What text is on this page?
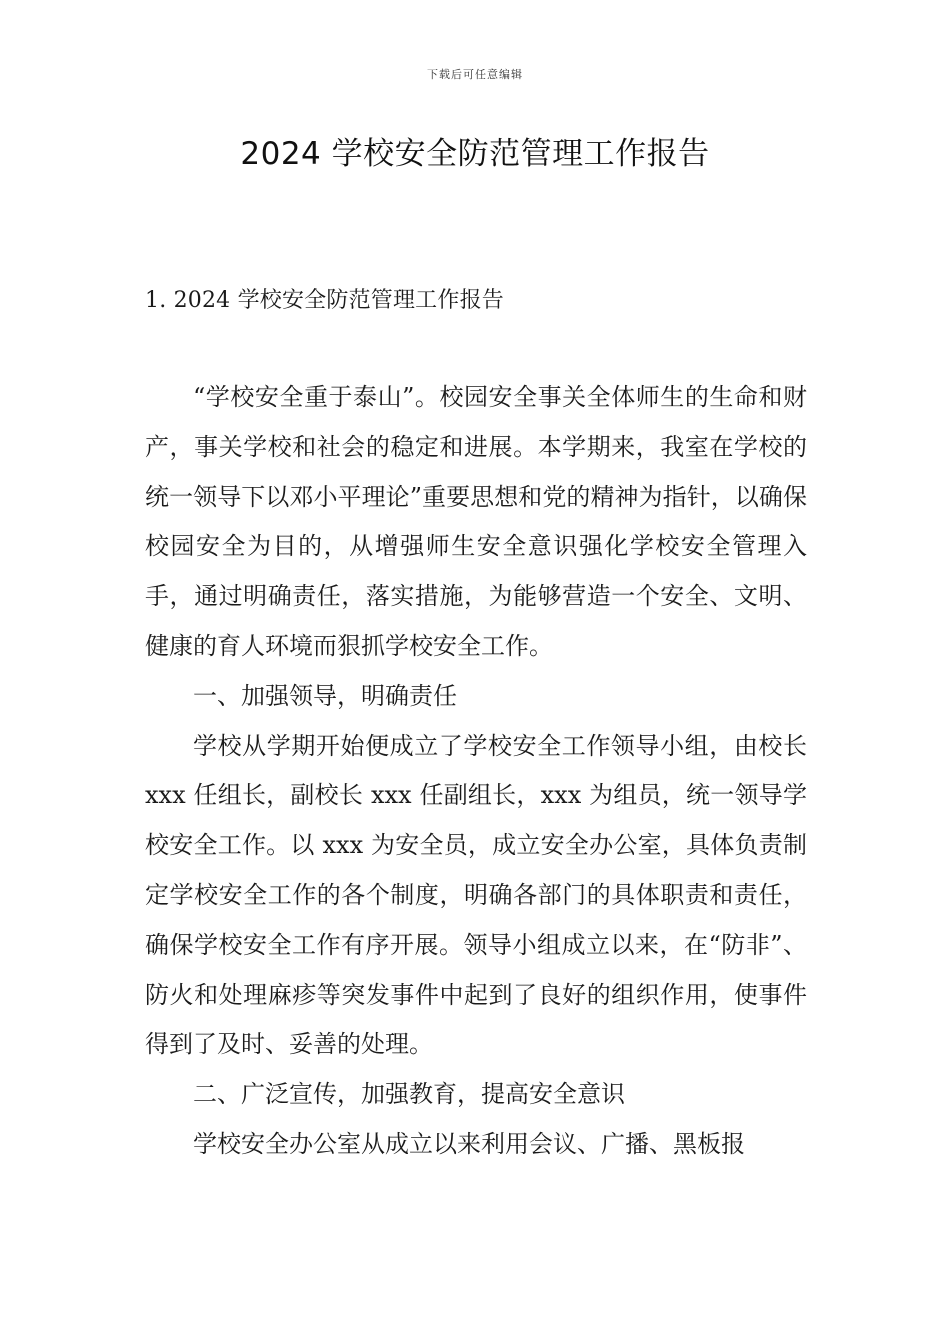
下载后可任意编辑
2024 学校安全防范管理工作报告
1. 2024 学校安全防范管理工作报告

“学校安全重于泰山”。校园安全事关全体师生的生命和财产，事关学校和社会的稳定和进展。本学期来，我室在学校的统一领导下以邓小平理论”重要思想和党的精神为指针，以确保校园安全为目的，从增强师生安全意识强化学校安全管理入手，通过明确责任，落实措施，为能够营造一个安全、文明、健康的育人环境而狠抓学校安全工作。

一、加强领导，明确责任

学校从学期开始便成立了学校安全工作领导小组，由校长 xxx 任组长，副校长 xxx 任副组长，xxx 为组员，统一领导学校安全工作。以 xxx 为安全员，成立安全办公室，具体负责制定学校安全工作的各个制度，明确各部门的具体职责和责任，确保学校安全工作有序开展。领导小组成立以来，在“防非”、防火和处理麻疹等突发事件中起到了良好的组织作用，使事件得到了及时、妥善的处理。

二、广泛宣传，加强教育，提高安全意识

学校安全办公室从成立以来利用会议、广播、黑板报
